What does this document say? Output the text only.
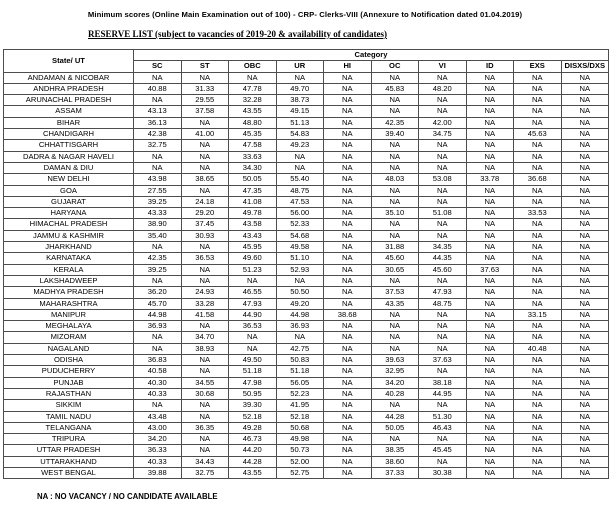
Minimum scores (Online Main Examination out of 100) - CRP- Clerks-VIII (Annexure to Notification dated 01.04.2019)
RESERVE LIST (subject to vacancies of 2019-20 & availability of candidates)
State/ UT	Category									
	SC	ST	OBC	UR	HI	OC	VI	ID	EXS	DISXS/DXS
ANDAMAN & NICOBAR	NA	NA	NA	NA	NA	NA	NA	NA	NA	NA
ANDHRA PRADESH	40.88	31.33	47.78	49.70	NA	45.83	48.20	NA	NA	NA
ARUNACHAL PRADESH	NA	29.55	32.28	38.73	NA	NA	NA	NA	NA	NA
ASSAM	43.13	37.58	43.55	49.15	NA	NA	NA	NA	NA	NA
BIHAR	36.13	NA	48.80	51.13	NA	42.35	42.00	NA	NA	NA
CHANDIGARH	42.38	41.00	45.35	54.83	NA	39.40	34.75	NA	45.63	NA
CHHATTISGARH	32.75	NA	47.58	49.23	NA	NA	NA	NA	NA	NA
DADRA & NAGAR HAVELI	NA	NA	33.63	NA	NA	NA	NA	NA	NA	NA
DAMAN & DIU	NA	NA	34.30	NA	NA	NA	NA	NA	NA	NA
NEW DELHI	43.98	38.65	50.05	55.40	NA	48.03	53.08	33.78	36.68	NA
GOA	27.55	NA	47.35	48.75	NA	NA	NA	NA	NA	NA
GUJARAT	39.25	24.18	41.08	47.53	NA	NA	NA	NA	NA	NA
HARYANA	43.33	29.20	49.78	56.00	NA	35.10	51.08	NA	33.53	NA
HIMACHAL PRADESH	38.90	37.45	43.58	52.33	NA	NA	NA	NA	NA	NA
JAMMU & KASHMIR	35.40	30.93	43.43	54.68	NA	NA	NA	NA	NA	NA
JHARKHAND	NA	NA	45.95	49.58	NA	31.88	34.35	NA	NA	NA
KARNATAKA	42.35	36.53	49.60	51.10	NA	45.60	44.35	NA	NA	NA
KERALA	39.25	NA	51.23	52.93	NA	30.65	45.60	37.63	NA	NA
LAKSHADWEEP	NA	NA	NA	NA	NA	NA	NA	NA	NA	NA
MADHYA PRADESH	36.20	24.93	46.55	50.50	NA	37.53	47.93	NA	NA	NA
MAHARASHTRA	45.70	33.28	47.93	49.20	NA	43.35	48.75	NA	NA	NA
MANIPUR	44.98	41.58	44.90	44.98	38.68	NA	NA	NA	33.15	NA
MEGHALAYA	36.93	NA	36.53	36.93	NA	NA	NA	NA	NA	NA
MIZORAM	NA	34.70	NA	NA	NA	NA	NA	NA	NA	NA
NAGALAND	NA	38.93	NA	42.75	NA	NA	NA	NA	40.48	NA
ODISHA	36.83	NA	49.50	50.83	NA	39.63	37.63	NA	NA	NA
PUDUCHERRY	40.58	NA	51.18	51.18	NA	32.95	NA	NA	NA	NA
PUNJAB	40.30	34.55	47.98	56.05	NA	34.20	38.18	NA	NA	NA
RAJASTHAN	40.33	30.68	50.95	52.23	NA	40.28	44.95	NA	NA	NA
SIKKIM	NA	NA	39.30	41.95	NA	NA	NA	NA	NA	NA
TAMIL NADU	43.48	NA	52.18	52.18	NA	44.28	51.30	NA	NA	NA
TELANGANA	43.00	36.35	49.28	50.68	NA	50.05	46.43	NA	NA	NA
TRIPURA	34.20	NA	46.73	49.98	NA	NA	NA	NA	NA	NA
UTTAR PRADESH	36.33	NA	44.20	50.73	NA	38.35	45.45	NA	NA	NA
UTTARAKHAND	40.33	34.43	44.28	52.00	NA	38.60	NA	NA	NA	NA
WEST BENGAL	39.88	32.75	43.55	52.75	NA	37.33	30.38	NA	NA	NA
NA : NO VACANCY / NO CANDIDATE AVAILABLE
